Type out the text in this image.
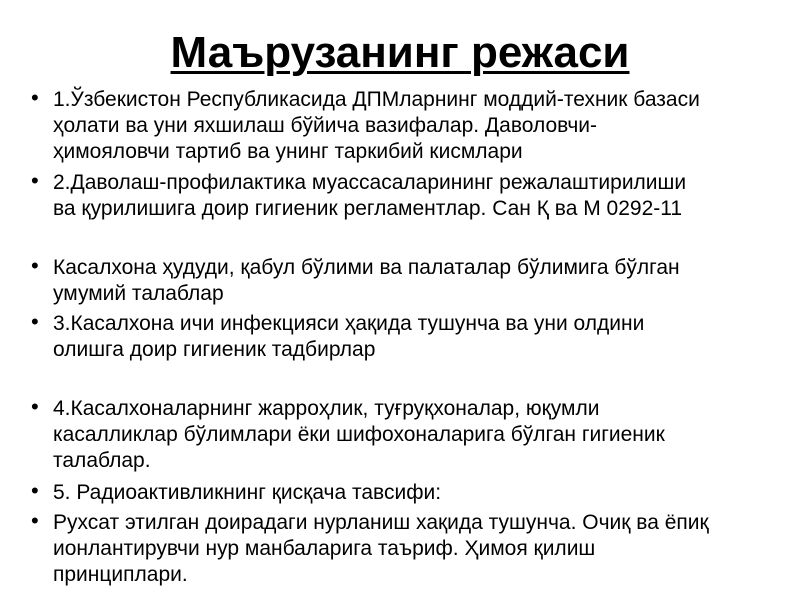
Маърузанинг режаси
• 1.Ўзбекистон Республикасида ДПМларнинг моддий-техник базаси
ҳолати ва уни яхшилаш бўйича вазифалар. Даволовчи-
ҳимояловчи тартиб ва унинг таркибий кисмлари
• 2.Даволаш-профилактика муассасаларининг режалаштирилиши
ва қурилишига доир гигиеник регламентлар. Сан Қ ва М 0292-11
• Касалхона ҳудуди, қабул бўлими ва палаталар бўлимига бўлган
умумий талаблар
• 3.Касалхона ичи инфекцияси ҳақида тушунча ва уни олдини
олишга доир гигиеник тадбирлар
• 4.Касалхоналарнинг жарроҳлик, туғруқхоналар, юқумли
касалликлар бўлимлари ёки шифохоналарига бўлган гигиеник
талаблар.
• 5. Радиоактивликнинг қисқача тавсифи:
• Рухсат этилган доирадаги нурланиш хақида тушунча. Очиқ ва ёпиқ
ионлантирувчи нур манбаларига таъриф. Ҳимоя қилиш
принциплари.
